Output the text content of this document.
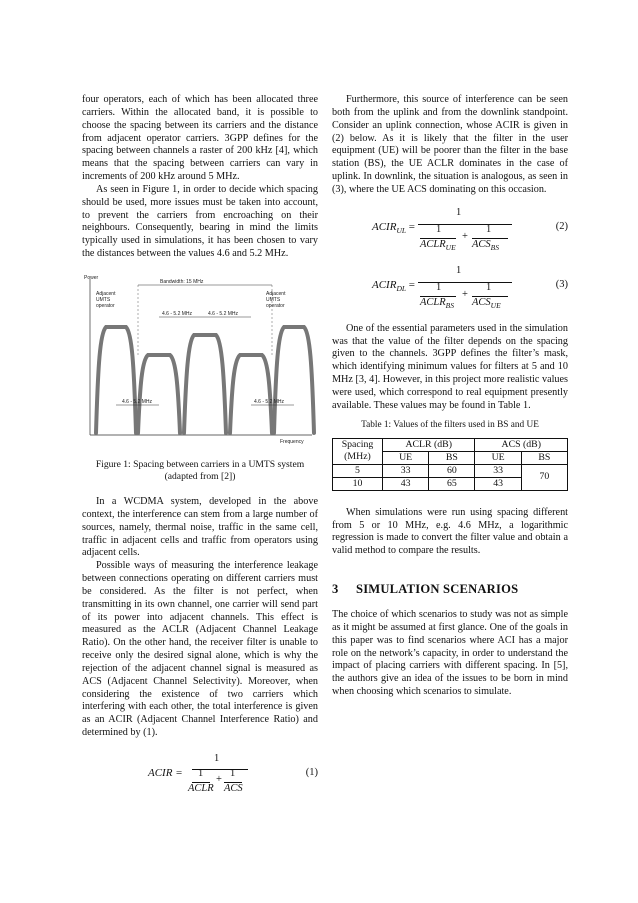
four operators, each of which has been allocated three carriers. Within the allocated band, it is possible to choose the spacing between its carriers and the distance from adjacent operator carriers. 3GPP defines for the spacing between channels a raster of 200 kHz [4], which means that the spacing between carriers can vary in increments of 200 kHz around 5 MHz.

As seen in Figure 1, in order to decide which spacing should be used, more issues must be taken into account, to prevent the carriers from encroaching on their neighbours. Consequently, bearing in mind the limits typically used in simulations, it has been chosen to vary the distances between the values 4.6 and 5.2 MHz.

Power
Bandwidth: 15 MHz
Adjacent
UMTS
operator
Adjacent
UMTS
operator
4.6 - 5.2 MHz	4.6 - 5.2 MHz
4.6 - 5.2 MHz	4.6 - 5.2 MHz
Frequency
Figure 1: Spacing between carriers in a UMTS system (adapted from [2])

In a WCDMA system, developed in the above context, the interference can stem from a large number of sources, namely, thermal noise, traffic in the same cell, traffic in adjacent cells and traffic from operators using adjacent cells.

Possible ways of measuring the interference leakage between connections operating on different carriers must be considered. As the filter is not perfect, when transmitting in its own channel, one carrier will send part of its power into adjacent channels. This effect is measured as the ACLR (Adjacent Channel Leakage Ratio). On the other hand, the receiver filter is unable to receive only the desired signal alone, which is why the rejection of the adjacent channel signal is measured as ACS (Adjacent Channel Selectivity). Moreover, when considering the existence of two carriers which interfering with each other, the total interference is given as an ACIR (Adjacent Channel Interference Ratio) and determined by (1).

ACIR =
1
1	1
+
ACLR ACS
(1)

Furthermore, this source of interference can be seen both from the uplink and from the downlink standpoint. Consider an uplink connection, whose ACIR is given in (2) below. As it is likely that the filter in the user equipment (UE) will be poorer than the filter in the base station (BS), the UE ACLR dominates in the case of uplink. In downlink, the situation is analogous, as seen in (3), where the UE ACS dominating on this occasion.

$ACIR_{UL}$ =
1
1	1
+
$ACLR_{UE}$ $ACS_{BS}$
(2)
$ACIR_{DL}$ =
1
1	1
+
$ACLR_{BS}$ $ACS_{UE}$
(3)

One of the essential parameters used in the simulation was that the value of the filter depends on the spacing given to the channels. 3GPP defines the filter’s mask, which identifying minimum values for filters at 5 and 10 MHz [3, 4]. However, in this project more realistic values were used, which correspond to real equipment presently available. These values may be found in Table 1.

Table 1: Values of the filters used in BS and UE
Spacing
(MHz)	ACLR (dB)		ACS (dB)	
	UE	BS	UE	BS
5	33	60	33	70
10	43	65	43	

When simulations were run using spacing different from 5 or 10 MHz, e.g. 4.6 MHz, a logarithmic regression is made to convert the filter value and obtain a valid method to compare the results.

3 SIMULATION SCENARIOS

The choice of which scenarios to study was not as simple as it might be assumed at first glance. One of the goals in this paper was to find scenarios where ACI has a major role on the network’s capacity, in order to understand the impact of placing carriers with different spacing. In [5], the authors give an idea of the issues to be born in mind when choosing which scenarios to simulate.
